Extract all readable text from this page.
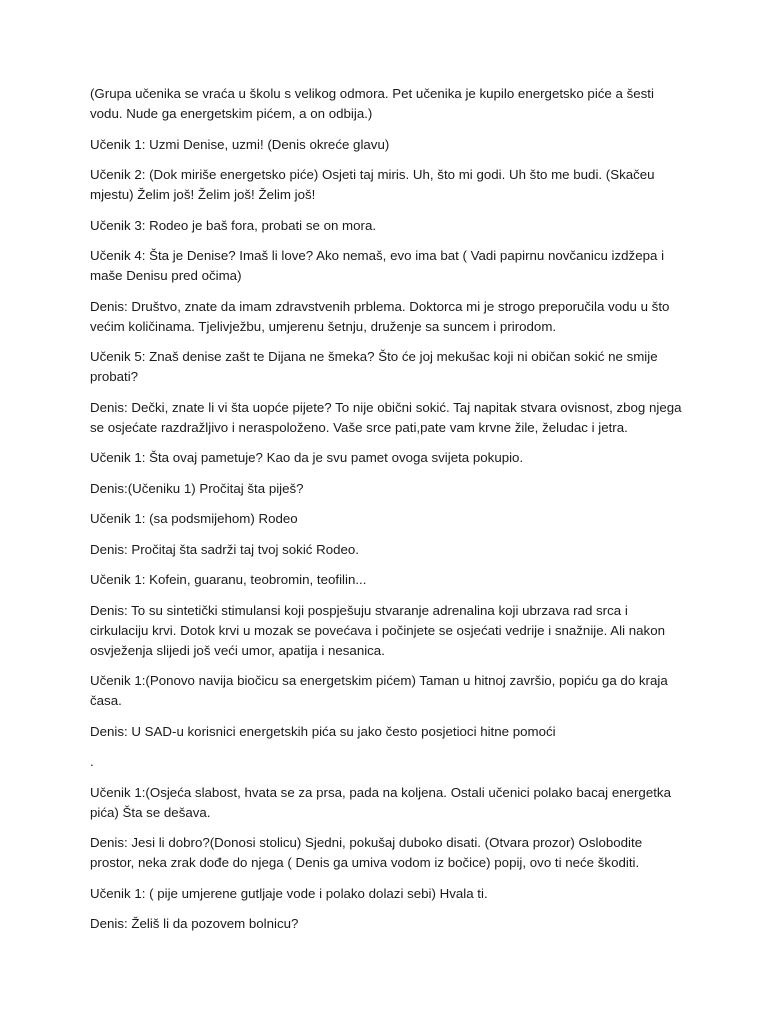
(Grupa učenika se vraća u školu s velikog odmora. Pet učenika je kupilo energetsko piće a šesti vodu. Nude ga energetskim pićem, a on odbija.)

Učenik 1: Uzmi Denise, uzmi! (Denis okreće glavu)

Učenik 2: (Dok miriše energetsko piće) Osjeti taj miris. Uh, što mi godi. Uh što me budi. (Skačeu mjestu) Želim još! Želim još! Želim još!

Učenik 3: Rodeo je baš fora, probati se on mora.

Učenik 4: Šta je Denise? Imaš li love? Ako nemaš, evo ima bat ( Vadi papirnu novčanicu izdžepa i maše Denisu pred očima)

Denis: Društvo, znate da imam zdravstvenih prblema. Doktorca mi je strogo preporučila vodu u što većim količinama. Tjelivježbu, umjerenu šetnju, druženje sa suncem i prirodom.

Učenik 5: Znaš denise zašt te Dijana ne šmeka? Što će joj mekušac koji ni običan sokić ne smije probati?

Denis: Dečki, znate li vi šta uopće pijete? To nije obični sokić. Taj napitak stvara ovisnost, zbog njega se osjećate razdražljivo i neraspoloženo. Vaše srce pati,pate vam krvne žile, želudac i jetra.

Učenik 1: Šta ovaj pametuje? Kao da je svu pamet ovoga svijeta pokupio.

Denis:(Učeniku 1) Pročitaj šta piješ?

Učenik 1: (sa podsmijehom) Rodeo

Denis: Pročitaj šta sadrži taj tvoj sokić Rodeo.

Učenik 1: Kofein, guaranu, teobromin, teofilin...

Denis: To su sintetički stimulansi koji pospješuju stvaranje adrenalina koji ubrzava rad srca i cirkulaciju krvi. Dotok krvi u mozak se povećava i počinjete se osjećati vedrije i snažnije. Ali nakon osvježenja slijedi još veći umor, apatija i nesanica.

Učenik 1:(Ponovo navija biočicu sa energetskim pićem) Taman u hitnoj završio, popiću ga do kraja časa.

Denis: U SAD-u korisnici energetskih pića su jako često posjetioci hitne pomoći

.

Učenik 1:(Osjeća slabost, hvata se za prsa, pada na koljena. Ostali učenici polako bacaj energetka pića) Šta se dešava.

Denis: Jesi li dobro?(Donosi stolicu) Sjedni, pokušaj duboko disati. (Otvara prozor) Oslobodite prostor, neka zrak dođe do njega ( Denis ga umiva vodom iz bočice) popij, ovo ti neće škoditi.

Učenik 1: ( pije umjerene gutljaje vode i polako dolazi sebi) Hvala ti.

Denis: Želiš li da pozovem bolnicu?
